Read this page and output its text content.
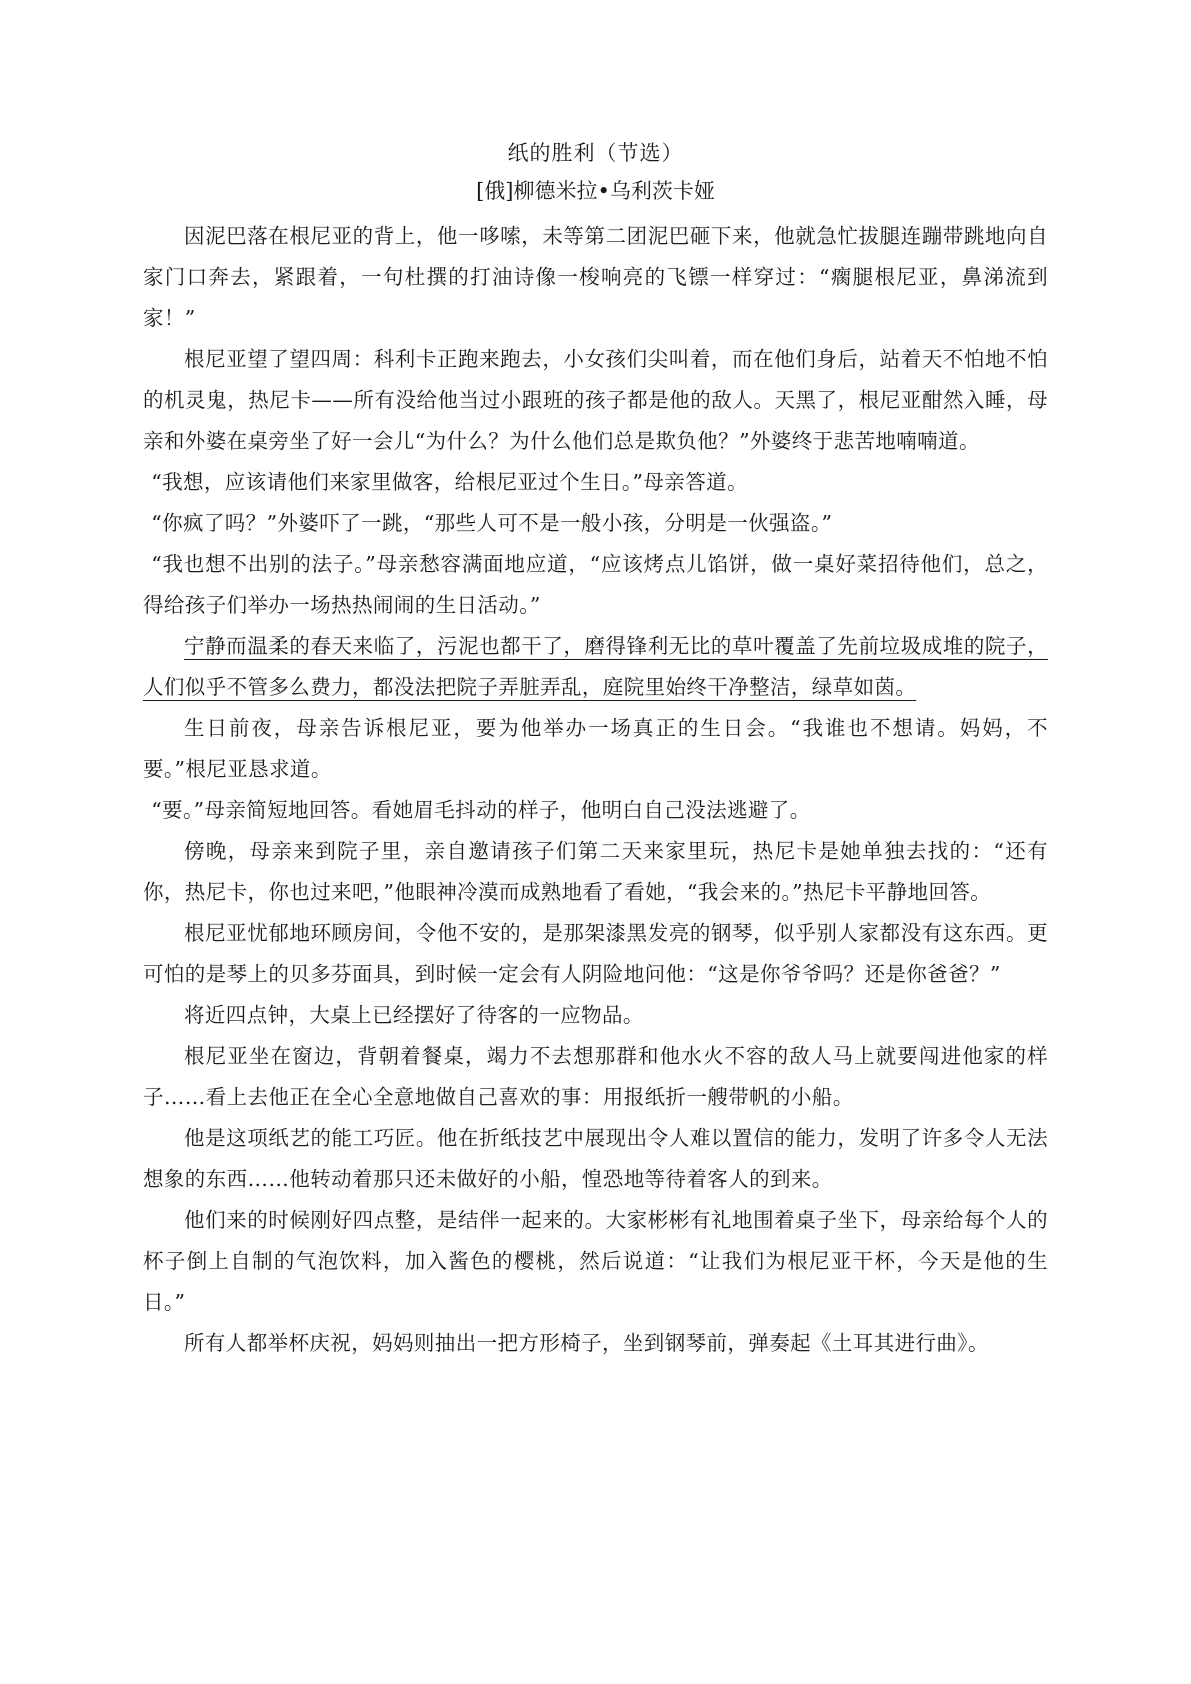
纸的胜利（节选）

[俄]柳德米拉•乌利茨卡娅

因泥巴落在根尼亚的背上，他一哆嗦，未等第二团泥巴砸下来，他就急忙拔腿连蹦带跳地向自家门口奔去，紧跟着，一句杜撰的打油诗像一梭响亮的飞镖一样穿过：“瘸腿根尼亚，鼻涕流到家！”

根尼亚望了望四周：科利卡正跑来跑去，小女孩们尖叫着，而在他们身后，站着天不怕地不怕的机灵鬼，热尼卡——所有没给他当过小跟班的孩子都是他的敌人。天黑了，根尼亚酣然入睡，母亲和外婆在桌旁坐了好一会儿“为什么？为什么他们总是欺负他？”外婆终于悲苦地喃喃道。

“我想，应该请他们来家里做客，给根尼亚过个生日。”母亲答道。

“你疯了吗？”外婆吓了一跳，“那些人可不是一般小孩，分明是一伙强盗。”

“我也想不出别的法子。”母亲愁容满面地应道，“应该烤点儿馅饼，做一桌好菜招待他们，总之，得给孩子们举办一场热热闹闹的生日活动。”

宁静而温柔的春天来临了，污泥也都干了，磨得锋利无比的草叶覆盖了先前垃圾成堆的院子，人们似乎不管多么费力，都没法把院子弄脏弄乱，庭院里始终干净整洁，绿草如茵。

生日前夜，母亲告诉根尼亚，要为他举办一场真正的生日会。“我谁也不想请。妈妈，不要。”根尼亚恳求道。

“要。”母亲简短地回答。看她眉毛抖动的样子，他明白自己没法逃避了。

傍晚，母亲来到院子里，亲自邀请孩子们第二天来家里玩，热尼卡是她单独去找的：“还有你，热尼卡，你也过来吧，”他眼神冷漠而成熟地看了看她，“我会来的。”热尼卡平静地回答。

根尼亚忧郁地环顾房间，令他不安的，是那架漆黑发亮的钢琴，似乎别人家都没有这东西。更可怕的是琴上的贝多芬面具，到时候一定会有人阴险地问他：“这是你爷爷吗？还是你爸爸？”

将近四点钟，大桌上已经摆好了待客的一应物品。

根尼亚坐在窗边，背朝着餐桌，竭力不去想那群和他水火不容的敌人马上就要闯进他家的样子……看上去他正在全心全意地做自己喜欢的事：用报纸折一艘带帆的小船。

他是这项纸艺的能工巧匠。他在折纸技艺中展现出令人难以置信的能力，发明了许多令人无法想象的东西……他转动着那只还未做好的小船，惶恐地等待着客人的到来。

他们来的时候刚好四点整，是结伴一起来的。大家彬彬有礼地围着桌子坐下，母亲给每个人的杯子倒上自制的气泡饮料，加入酱色的樱桃，然后说道：“让我们为根尼亚干杯，今天是他的生日。”

所有人都举杯庆祝，妈妈则抽出一把方形椅子，坐到钢琴前，弹奏起《土耳其进行曲》。
